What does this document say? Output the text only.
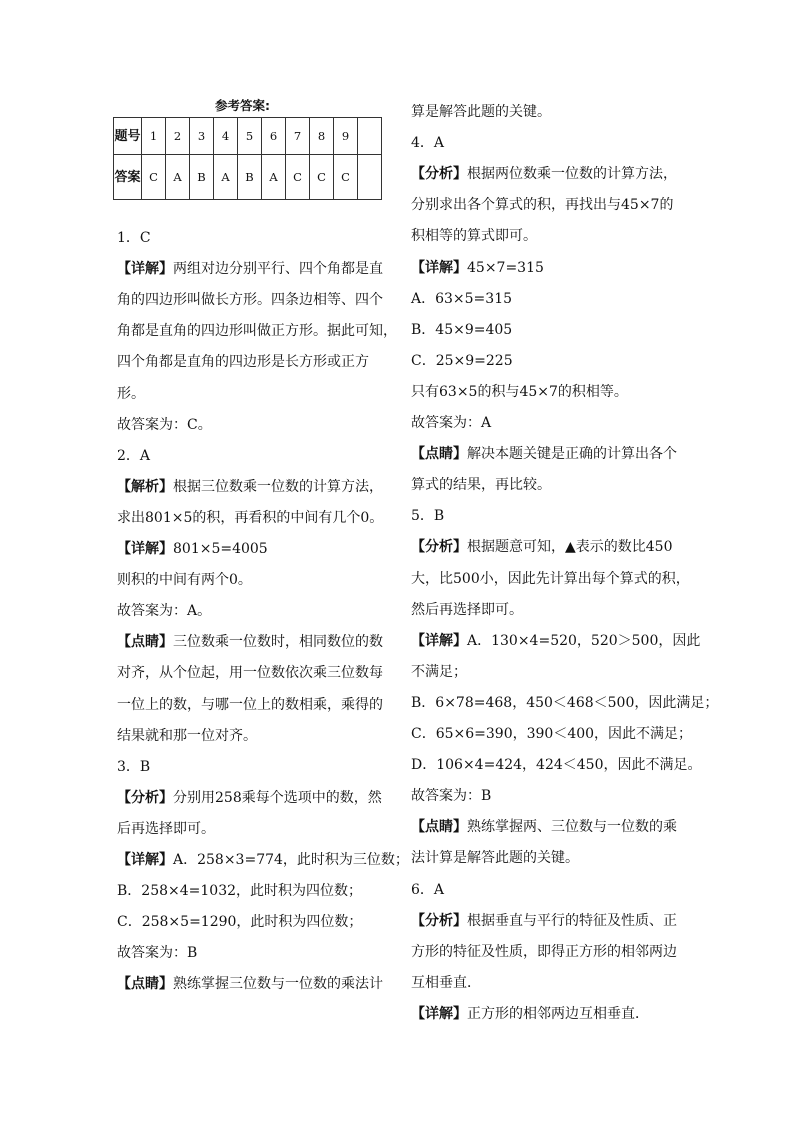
参考答案:
题号	1	2	3	4	5	6	7	8	9	
答案	C	A	B	A	B	A	C	C	C	
1．C
【详解】两组对边分别平行、四个角都是直
角的四边形叫做长方形。四条边相等、四个
角都是直角的四边形叫做正方形。据此可知，
四个角都是直角的四边形是长方形或正方
形。
故答案为：C。
2．A
【解析】根据三位数乘一位数的计算方法，
求出801×5的积，再看积的中间有几个0。
【详解】801×5=4005
则积的中间有两个0。
故答案为：A。
【点睛】三位数乘一位数时，相同数位的数
对齐，从个位起，用一位数依次乘三位数每
一位上的数，与哪一位上的数相乘，乘得的
结果就和那一位对齐。
3．B
【分析】分别用258乘每个选项中的数，然
后再选择即可。
【详解】A．258×3=774，此时积为三位数；
B．258×4=1032，此时积为四位数；
C．258×5=1290，此时积为四位数；
故答案为：B
【点睛】熟练掌握三位数与一位数的乘法计
算是解答此题的关键。
4．A
【分析】根据两位数乘一位数的计算方法，
分别求出各个算式的积，再找出与45×7的
积相等的算式即可。
【详解】45×7=315
A．63×5=315
B．45×9=405
C．25×9=225
只有63×5的积与45×7的积相等。
故答案为：A
【点睛】解决本题关键是正确的计算出各个
算式的结果，再比较。
5．B
【分析】根据题意可知，▲表示的数比450
大，比500小，因此先计算出每个算式的积，
然后再选择即可。
【详解】A．130×4=520，520＞500，因此
不满足；
B．6×78=468，450＜468＜500，因此满足；
C．65×6=390，390＜400，因此不满足；
D．106×4=424，424＜450，因此不满足。
故答案为：B
【点睛】熟练掌握两、三位数与一位数的乘
法计算是解答此题的关键。
6．A
【分析】根据垂直与平行的特征及性质、正
方形的特征及性质，即得正方形的相邻两边
互相垂直．
【详解】正方形的相邻两边互相垂直．
